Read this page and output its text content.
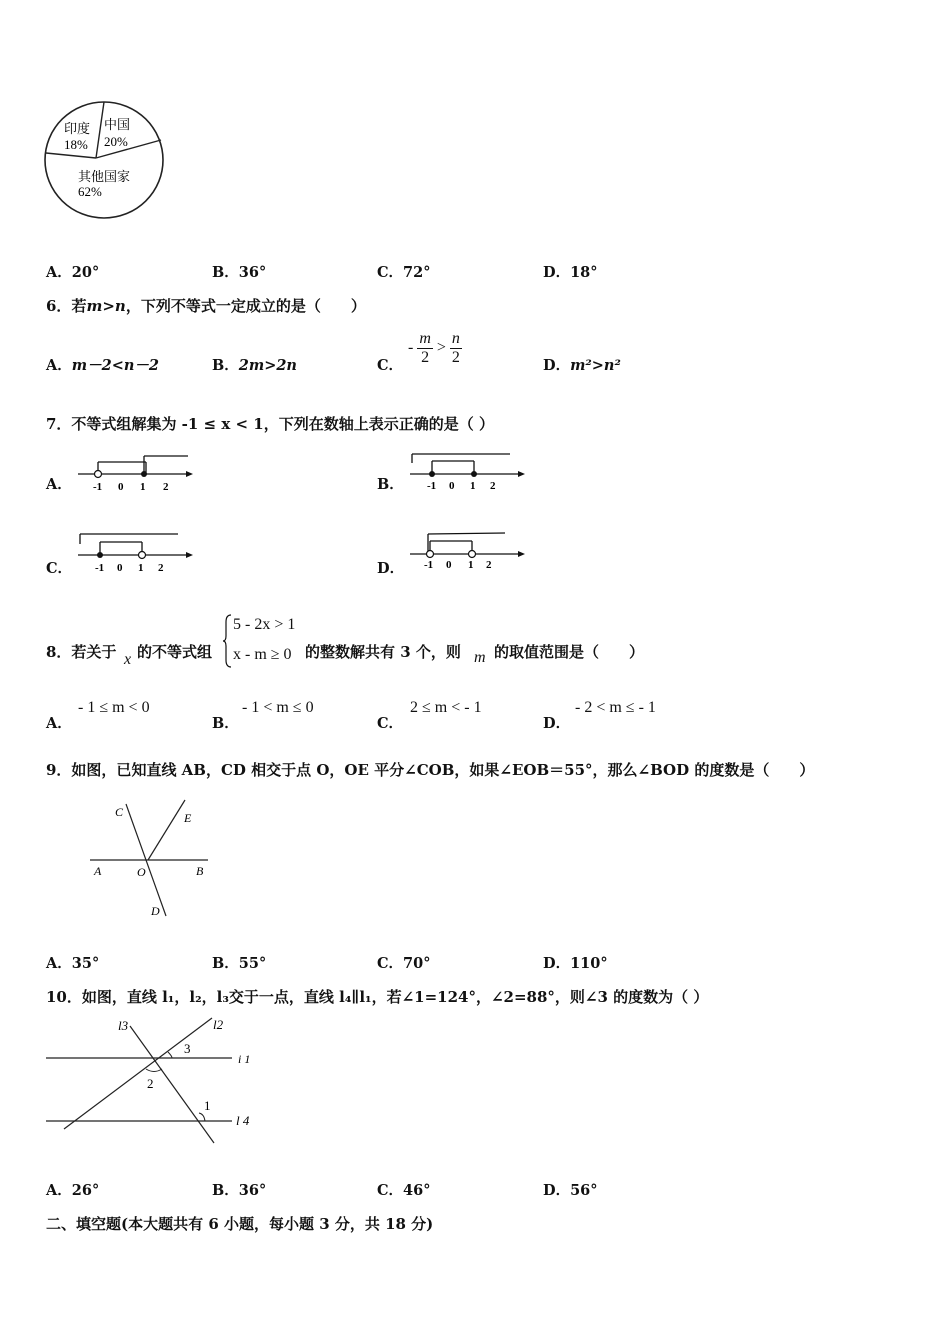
印度
18%
中国
20%
其他国家
62%
A．20°	B．36°	C．72°	D．18°
6．若m>n，下列不等式一定成立的是（　　）
A．m－2<n－2	B．2m>2n	C．
- $\frac{m}{2} > \frac{n}{2}$	D．m²>n²
7．不等式组解集为 -1 ≤ x < 1，下列在数轴上表示正确的是（ ）
A． -1 0 1 2	B． -1 0 1 2
C． -1 0 1 2	D． -1 0 1 2
8．若关于 x 的不等式组
5 - 2x > 1
x - m ≥ 0 的整数解共有 3 个，则 m 的取值范围是（　　）
A．
- 1 ≤ m < 0
B．
- 1 < m ≤ 0
C．
2 ≤ m < - 1
D．
- 2 < m ≤ - 1
9．如图，已知直线 AB，CD 相交于点 O，OE 平分∠COB，如果∠EOB＝55°，那么∠BOD 的度数是（　　）
C	E
A	O	B
D
A．35°	B．55°	C．70°	D．110°
10．如图，直线 l₁，l₂，l₃交于一点，直线 l₄∥l₁，若∠1=124°，∠2=88°，则∠3 的度数为（ ）
l3	l2
i 1
l 4
3
2
1
A．26°	B．36°	C．46°	D．56°
二、填空题(本大题共有 6 小题，每小题 3 分，共 18 分)
